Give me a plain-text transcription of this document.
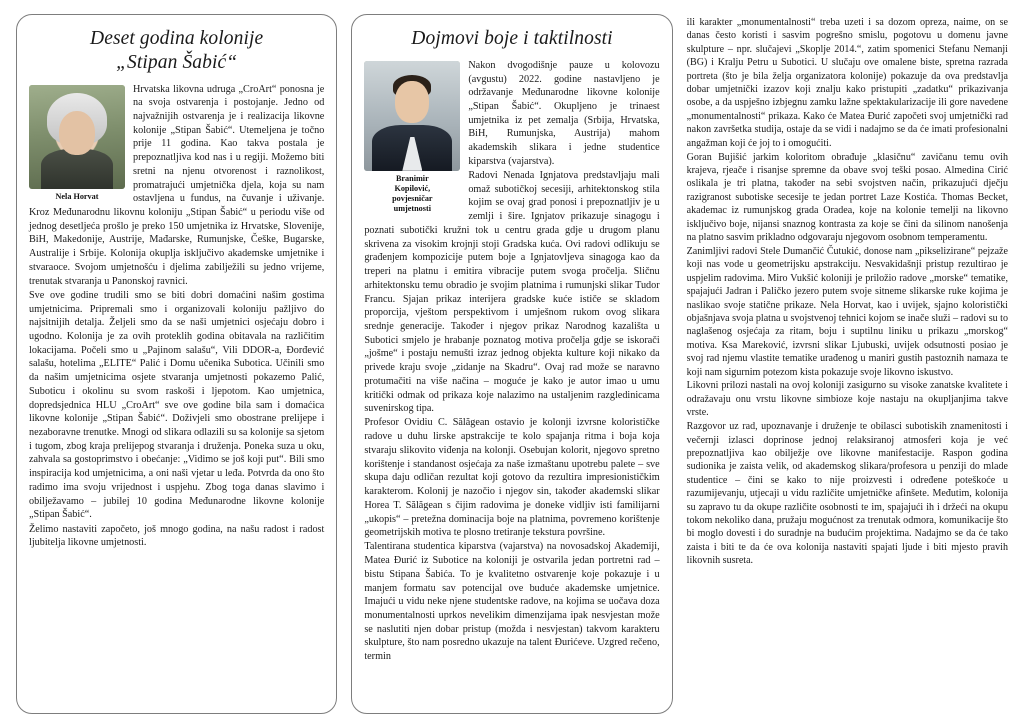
Deset godina kolonije
„Stipan Šabić“
Nela Horvat

Hrvatska likovna udruga „CroArt“ ponosna je na svoja ostvarenja i postojanje. Jedno od najvažnijih ostvarenja je i realizacija likovne kolonije „Stipan Šabić“. Utemeljena je točno prije 11 godina. Kao takva postala je prepoznatljiva kod nas i u regiji. Možemo biti sretni na njenu otvorenost i raznolikost, promatrajući umjetnička djela, koja su nam ostavljena u fundus, na čuvanje i uživanje. Kroz Međunarodnu likovnu koloniju „Stipan Šabić“ u periodu više od jednog desetljeća prošlo je preko 150 umjetnika iz Hrvatske, Slovenije, BiH, Makedonije, Austrije, Mađarske, Rumunjske, Češke, Bugarske, Australije i Srbije. Kolonija okuplja isključivo akademske umjetnike i stvaraoce. Svojom umjetnošću i djelima zabilježili su jedno vrijeme, trenutak stvaranja u Panonskoj ravnici.

Sve ove godine trudili smo se biti dobri domaćini našim gostima umjetnicima. Pripremali smo i organizovali koloniju pažljivo do najsitnijih detalja. Željeli smo da se naši umjetnici osjećaju dobro i ugodno. Kolonija je za ovih proteklih godina obitavala na različitim lokacijama. Počeli smo u „Pajinom salašu“, Vili DDOR-a, Đorđević salašu, hotelima „ELITE“ Palić i Domu učenika Subotica. Učinili smo da našim umjetnicima osjete stvaranja umjetnosti pokazemo Palić, Suboticu i okolinu su svom raskoši i ljepotom. Kao umjetnica, dopredsjednica HLU „CroArt“ sve ove godine bila sam i domaćica likovne kolonije „Stipan Šabić“. Doživjeli smo obostrane prelijepe i nezaboravne trenutke. Mnogi od slikara odlazili su sa kolonije sa sjetom i tugom, zbog kraja prelijepog stvaranja i druženja. Poneka suza u oku, zahvala sa gostoprimstvo i obećanje: „Vidimo se još koji put“. Bili smo inspiracija kod umjetnicima, a oni naši vjetar u leđa. Potvrda da ono što radimo ima svoju vrijednost i uspjehu. Zbog toga danas slavimo i obilježavamo – jubilej 10 godina Međunarodne likovne kolonije „Stipan Šabić“.

Želimo nastaviti započeto, još mnogo godina, na našu radost i radost ljubitelja likovne umjetnosti.

Dojmovi boje i taktilnosti
Branimir
Kopilović,
povjesničar
umjetnosti

Nakon dvogodišnje pauze u kolovozu (avgustu) 2022. godine nastavljeno je održavanje Međunarodne likovne kolonije „Stipan Šabić“. Okupljeno je trinaest umjetnika iz pet zemalja (Srbija, Hrvatska, BiH, Rumunjska, Austrija) mahom akademskih slikara i jedne studentice kiparstva (vajarstva).

Radovi Nenada Ignjatova predstavljaju mali omaž subotičkoj secesiji, arhitektonskog stila kojim se ovaj grad ponosi i prepoznatljiv je u zemlji i šire. Ignjatov prikazuje sinagogu i poznati subotički kružni tok u centru grada gdje u drugom planu skrivena za visokim krojnji stoji Gradska kuća. Ovi radovi odlikuju se građenjem kompozicije putem boje a Ignjatovljeva sinagoga kao da treperi na platnu i emitira vibracije putem svoga pročelja. Sličnu arhitektonsku temu obradio je svojim platnima i rumunjski slikar Tudor Francu. Sjajan prikaz interijera gradske kuće ističe se skladom proporcija, vještom perspektivom i umješnom rukom ovog slikara srednje generacije. Također i njegov prikaz Narodnog kazališta u Subotici smjelo je hrabanje poznatog motiva pročelja gdje se iskorači „jošme“ i postaju nemušti izraz jednog objekta kulture koji nikako da privede kraju svoje „zidanje na Skadru“. Ovaj rad može se naravno protumačiti na više načina – moguće je kako je autor imao u umu kritički odmak od prikaza koje nalazimo na ustaljenim razgledinicama suvenirskog tipa.

Profesor Ovidiu C. Sălăgean ostavio je kolonji izvrsne kolorističke radove u duhu lirske apstrakcije te kolo spajanja ritma i boja koja stvaraju slikovito viđenja na kolonji. Osebujan kolorit, njegovo spretno korištenje i standanost osjećaja za naše izmaštanu upotrebu palete – sve skupa daju odličan rezultat koji gotovo da rezultira impresionističkim karakterom. Kolonij je nazočio i njegov sin, također akademski slikar Horea T. Sălăgean s čijim radovima je doneke vidljiv isti familijarni „ukopis“ – pretežna dominacija boje na platnima, povremeno korištenje geometrijskih motiva te plosno tretiranje tekstura površine.

Talentirana studentica kiparstva (vajarstva) na novosadskoj Akademiji, Matea Đurić iz Subotice na koloniji je ostvarila jedan portretni rad – bistu Stipana Šabića. To je kvalitetno ostvarenje koje pokazuje i u manjem formatu sav potencijal ove buduće akademske umjetnice. Imajući u vidu neke njene studentske radove, na kojima se uočava doza monumentalnosti uprkos nevelikim dimenzijama ipak nesvjestan može se naslutiti njen dobar pristup (možda i nesvjestan) takvom karakteru skulpture, što nam posredno ukazuje na talent Đurićeve. Uzgred rečeno, termin

ili karakter „monumentalnosti“ treba uzeti i sa dozom opreza, naime, on se danas često koristi i sasvim pogrešno smislu, pogotovu u domenu javne skulpture – npr. slučajevi „Skoplje 2014.“, zatim spomenici Stefanu Nemanji (BG) i Kralju Petru u Subotici. U slučaju ove omalene biste, spretna razrada portreta (što je bila želja organizatora kolonije) pokazuje da ova predstavlja dobar umjetnički izazov koji znalju kako pristupiti „zadatku“ prikazivanja osobe, a da uspješno izbjegnu zamku lažne spektakularizacije ili gore navedene „monumentalnosti“ prikaza. Kako će Matea Đurić započeti svoj umjetnički rad nakon završetka studija, ostaje da se vidi i nadajmo se da će imati profesionalni angažman koji će joj to i omogućiti.

Goran Bujišić jarkim koloritom obrađuje „klasičnu“ zavičanu temu ovih krajeva, rjeače i risanjse spremne da obave svoj teški posao. Almedina Cirić oslikala je tri platna, također na sebi svojstven način, prikazujući dječju razigranost subotiske secesije te jedan portret Laze Kostića. Thomas Becket, akademac iz rumunjskog grada Oradea, koje na kolonie temelji na likovno isključivo boje, nijansi snaznog kontrasta za koje se čini da silinom nanošenja na platno sasvim prikladno odgovaraju njegovom osobnom temperamentu.

Zanimljivi radovi Stele Dumančić Čutukić, donose nam „pikselizirane“ pejzaže koji nas vode u geometrijsku apstrakciju. Nesvakidašnji pristup rezultirao je uspjelim radovima. Miro Vukšić koloniji je priložio radove „morske“ tematike, spajajući Jadran i Paličko jezero putem svoje sitneme slikarske ruke kojima je naslikao svoje statične prikaze. Nela Horvat, kao i uvijek, sjajno koloristički objašnjava svoja platna u svojstvenoj tehnici kojom se inače služi – radovi su to naglašenog osjećaja za ritam, boju i suptilnu liniku u prikazu „morskog“ motiva. Ksa Mareković, izvrsni slikar Ljubuski, uvijek odsutnosti posiao je svoj rad njemu vlastite tematike urađenog u maniri gustih pastoznih namaza te koji nam sigurnim potezom kista pokazuje svoje likovno iskustvo.

Likovni prilozi nastali na ovoj koloniji zasigurno su visoke zanatske kvalitete i odražavaju onu vrstu likovne simbioze koje nastaju na okupljanjima takve vrste.

Razgovor uz rad, upoznavanje i druženje te obilasci subotiskih znamenitosti i večernji izlasci doprinose jednoj relaksiranoj atmosferi koja je već prepoznatljiva kao obilježje ove likovne manifestacije. Raspon godina sudionika je zaista velik, od akademskog slikara/profesora u penziji do mlade studentice – čini se kako to nije proizvesti i određene poteškoće u razumijevanju, utjecaji u vidu različite umjetničke afinšete. Međutim, kolonija su zapravo tu da okupe različite osobnosti te im, spajajući ih i držeći na okupu tokom nekoliko dana, pružaju mogućnost za trenutak odmora, komunikacije što bi moglo dovesti i do suradnje na budućim projektima. Nadajmo se da će tako zaista i biti te da će ova kolonija nastaviti spajati ljude i biti mjesto pravih likovnih susreta.
